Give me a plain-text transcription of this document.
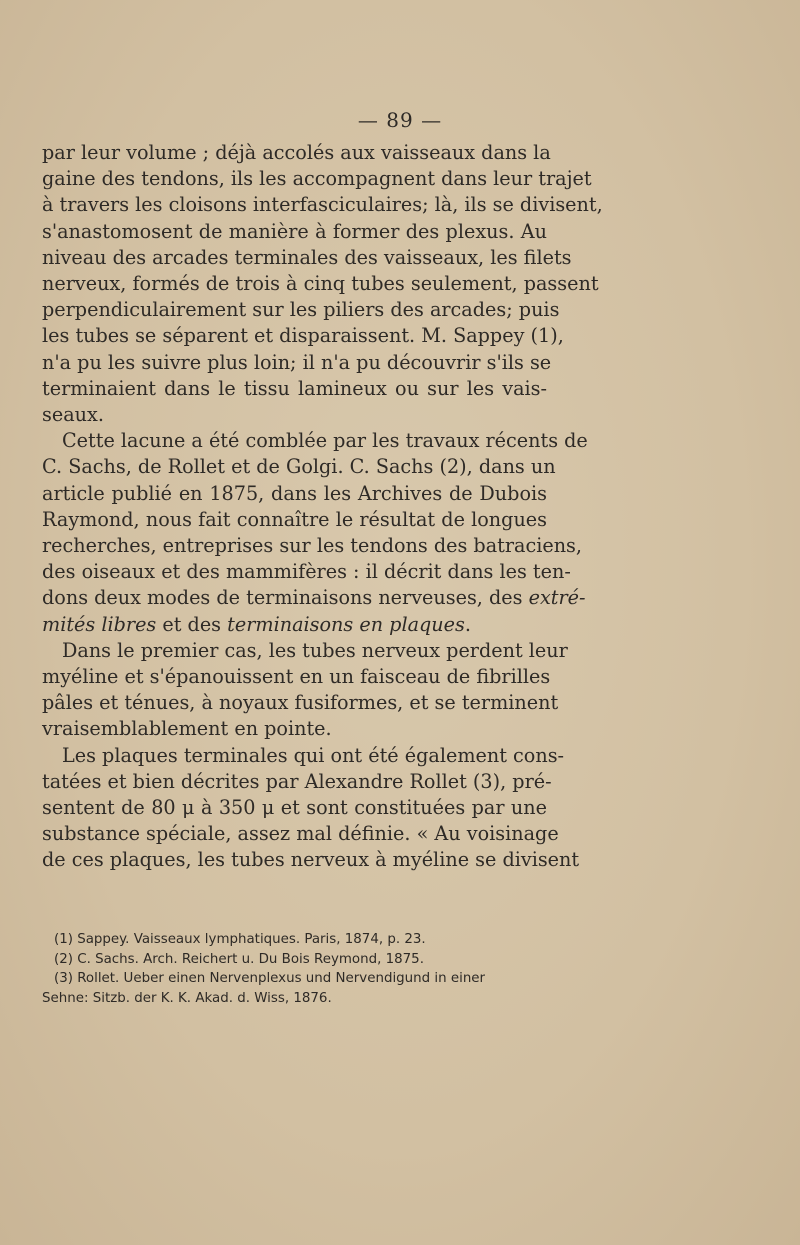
— 89 —
par leur volume ; déjà accolés aux vaisseaux dans la
gaine des tendons, ils les accompagnent dans leur trajet
à travers les cloisons interfasciculaires; là, ils se divisent,
s'anastomosent de manière à former des plexus. Au
niveau des arcades terminales des vaisseaux, les filets
nerveux, formés de trois à cinq tubes seulement, passent
perpendiculairement sur les piliers des arcades; puis
les tubes se séparent et disparaissent. M. Sappey (1),
n'a pu les suivre plus loin; il n'a pu découvrir s'ils se
terminaient dans le tissu lamineux ou sur les vais-
seaux.
Cette lacune a été comblée par les travaux récents de
C. Sachs, de Rollet et de Golgi. C. Sachs (2), dans un
article publié en 1875, dans les Archives de Dubois
Raymond, nous fait connaître le résultat de longues
recherches, entreprises sur les tendons des batraciens,
des oiseaux et des mammifères : il décrit dans les ten-
dons deux modes de terminaisons nerveuses, des extré-
mités libres et des terminaisons en plaques.
Dans le premier cas, les tubes nerveux perdent leur
myéline et s'épanouissent en un faisceau de fibrilles
pâles et ténues, à noyaux fusiformes, et se terminent
vraisemblablement en pointe.
Les plaques terminales qui ont été également cons-
tatées et bien décrites par Alexandre Rollet (3), pré-
sentent de 80 μ à 350 μ et sont constituées par une
substance spéciale, assez mal définie. « Au voisinage
de ces plaques, les tubes nerveux à myéline se divisent
(1) Sappey. Vaisseaux lymphatiques. Paris, 1874, p. 23.
(2) C. Sachs. Arch. Reichert u. Du Bois Reymond, 1875.
(3) Rollet. Ueber einen Nervenplexus und Nervendigund in einer
Sehne: Sitzb. der K. K. Akad. d. Wiss, 1876.
